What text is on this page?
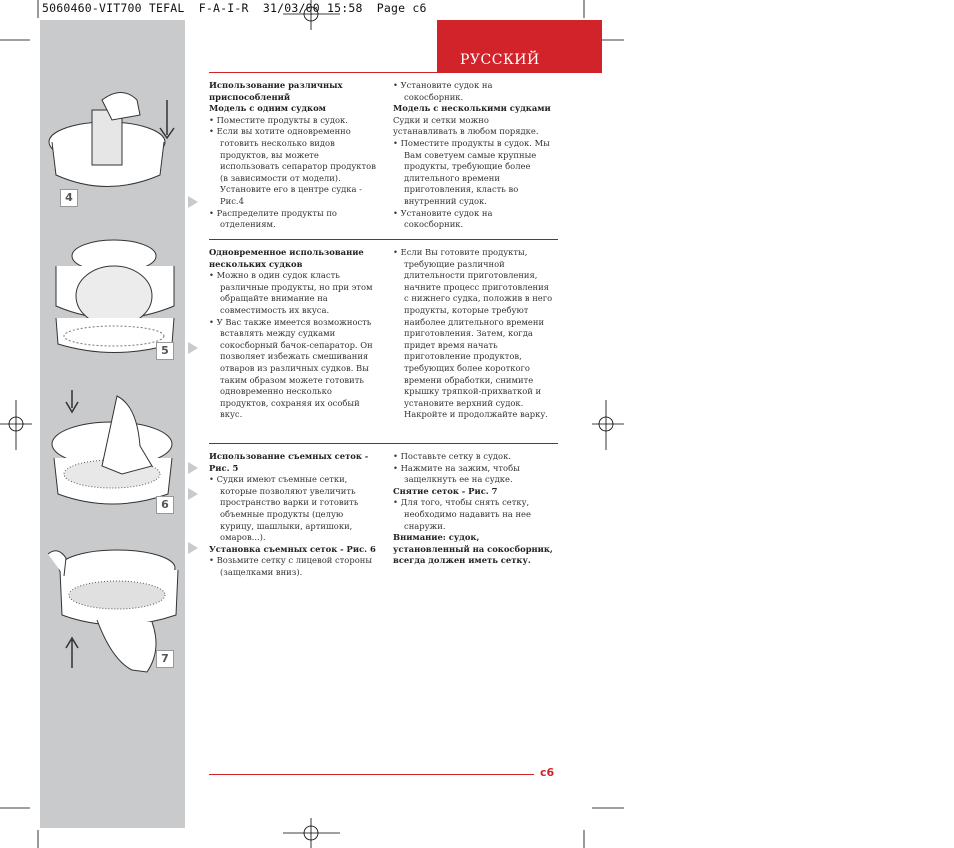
5060460-VIT700 TEFAL  F-A-I-R  31/03/00 15:58  Page c6
4
5
6
7
РУССКИЙ

Использование различных

приспособлений

Модель с одним судком

• Поместите продукты в судок.

• Если вы хотите одновременно готовить несколько видов продуктов, вы можете использовать сепаратор продуктов (в зависимости от модели). Установите его в центре судка - Рис.4

• Распределите продукты по отделениям.

• Установите судок на сокосборник.

Модель с несколькими судками

Судки и сетки можно устанавливать в любом порядке.

• Поместите продукты в судок. Мы Вам советуем самые крупные продукты, требующие более длительного времени приготовления, класть во внутренний судок.

• Установите судок на сокосборник.

Одновременное использование

нескольких судков

• Можно в один судок класть различные продукты, но при этом обращайте внимание на совместимость их вкуса.

• У Вас также имеется возможность вставлять между судками сокосборный бачок-сепаратор. Он позволяет избежать смешивания отваров из различных судков. Вы таким образом можете готовить одновременно несколько продуктов, сохраняя их особый вкус.

• Если Вы готовите продукты, требующие различной длительности приготовления, начните процесс приготовления с нижнего судка, положив в него продукты, которые требуют наиболее длительного времени приготовления. Затем, когда придет время начать приготовление продуктов, требующих более короткого времени обработки, снимите крышку тряпкой-прихваткой и установите верхний судок. Накройте и продолжайте варку.

Использование съемных сеток -

Рис. 5

• Судки имеют съемные сетки, которые позволяют увеличить пространство варки и готовить объемные продукты (целую курицу, шашлыки, артишоки, омаров...).

Установка съемных сеток - Рис. 6

• Возьмите сетку с лицевой стороны (защелками вниз).

• Поставьте сетку в судок.

• Нажмите на зажим, чтобы защелкнуть ее на судке.

Снятие сеток - Рис. 7

• Для того, чтобы снять сетку, необходимо надавить на нее снаружи.

Внимание: судок, установленный на сокосборник, всегда должен иметь сетку.

c6
